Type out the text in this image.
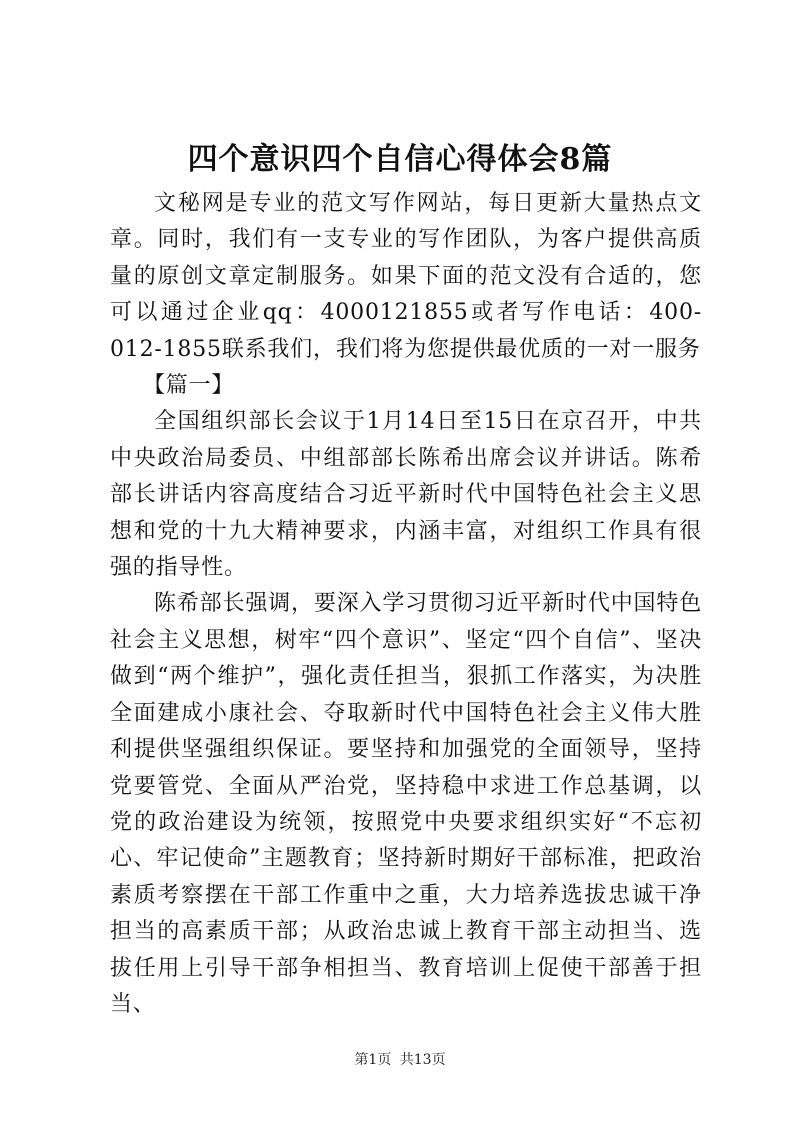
四个意识四个自信心得体会8篇

文秘网是专业的范文写作网站，每日更新大量热点文章。同时，我们有一支专业的写作团队，为客户提供高质量的原创文章定制服务。如果下面的范文没有合适的，您可以通过企业qq：4000121855或者写作电话：400-012-1855联系我们，我们将为您提供最优质的一对一服务

【篇一】

全国组织部长会议于1月14日至15日在京召开，中共中央政治局委员、中组部部长陈希出席会议并讲话。陈希部长讲话内容高度结合习近平新时代中国特色社会主义思想和党的十九大精神要求，内涵丰富，对组织工作具有很强的指导性。

陈希部长强调，要深入学习贯彻习近平新时代中国特色社会主义思想，树牢“四个意识”、坚定“四个自信”、坚决做到“两个维护”，强化责任担当，狠抓工作落实，为决胜全面建成小康社会、夺取新时代中国特色社会主义伟大胜利提供坚强组织保证。要坚持和加强党的全面领导，坚持党要管党、全面从严治党，坚持稳中求进工作总基调，以党的政治建设为统领，按照党中央要求组织实好“不忘初心、牢记使命”主题教育；坚持新时期好干部标准，把政治素质考察摆在干部工作重中之重，大力培养选拔忠诚干净担当的高素质干部；从政治忠诚上教育干部主动担当、选拔任用上引导干部争相担当、教育培训上促使干部善于担当、

第1页 共13页
